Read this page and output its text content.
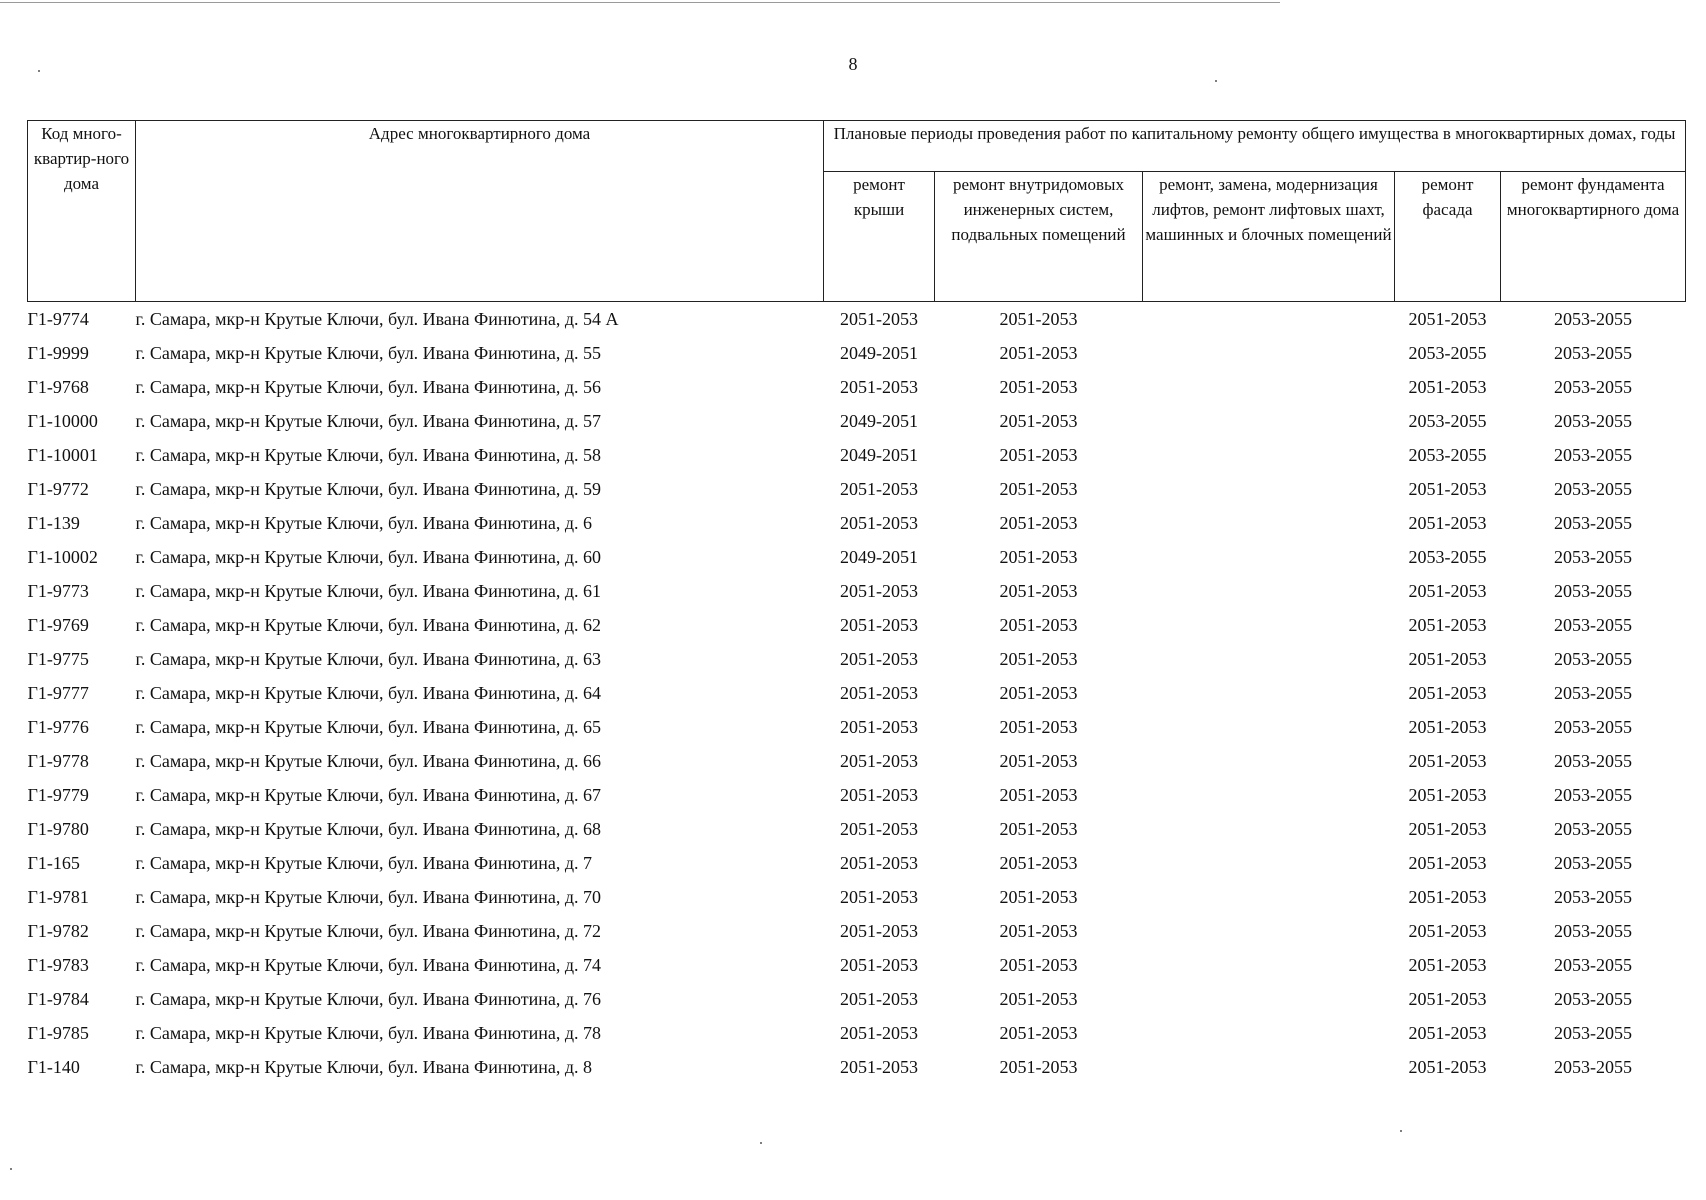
8
Код много-квартир-ного дома	Адрес многоквартирного дома	Плановые периоды проведения работ по капитальному ремонту общего имущества в многоквартирных домах, годы				
		ремонт крыши	ремонт внутридомовых инженерных систем, подвальных помещений	ремонт, замена, модернизация лифтов, ремонт лифтовых шахт, машинных и блочных помещений	ремонт фасада	ремонт фундамента многоквартирного дома
Г1-9774	г. Самара, мкр-н Крутые Ключи, бул. Ивана Финютина, д. 54 А	2051-2053	2051-2053		2051-2053	2053-2055
Г1-9999	г. Самара, мкр-н Крутые Ключи, бул. Ивана Финютина, д. 55	2049-2051	2051-2053		2053-2055	2053-2055
Г1-9768	г. Самара, мкр-н Крутые Ключи, бул. Ивана Финютина, д. 56	2051-2053	2051-2053		2051-2053	2053-2055
Г1-10000	г. Самара, мкр-н Крутые Ключи, бул. Ивана Финютина, д. 57	2049-2051	2051-2053		2053-2055	2053-2055
Г1-10001	г. Самара, мкр-н Крутые Ключи, бул. Ивана Финютина, д. 58	2049-2051	2051-2053		2053-2055	2053-2055
Г1-9772	г. Самара, мкр-н Крутые Ключи, бул. Ивана Финютина, д. 59	2051-2053	2051-2053		2051-2053	2053-2055
Г1-139	г. Самара, мкр-н Крутые Ключи, бул. Ивана Финютина, д. 6	2051-2053	2051-2053		2051-2053	2053-2055
Г1-10002	г. Самара, мкр-н Крутые Ключи, бул. Ивана Финютина, д. 60	2049-2051	2051-2053		2053-2055	2053-2055
Г1-9773	г. Самара, мкр-н Крутые Ключи, бул. Ивана Финютина, д. 61	2051-2053	2051-2053		2051-2053	2053-2055
Г1-9769	г. Самара, мкр-н Крутые Ключи, бул. Ивана Финютина, д. 62	2051-2053	2051-2053		2051-2053	2053-2055
Г1-9775	г. Самара, мкр-н Крутые Ключи, бул. Ивана Финютина, д. 63	2051-2053	2051-2053		2051-2053	2053-2055
Г1-9777	г. Самара, мкр-н Крутые Ключи, бул. Ивана Финютина, д. 64	2051-2053	2051-2053		2051-2053	2053-2055
Г1-9776	г. Самара, мкр-н Крутые Ключи, бул. Ивана Финютина, д. 65	2051-2053	2051-2053		2051-2053	2053-2055
Г1-9778	г. Самара, мкр-н Крутые Ключи, бул. Ивана Финютина, д. 66	2051-2053	2051-2053		2051-2053	2053-2055
Г1-9779	г. Самара, мкр-н Крутые Ключи, бул. Ивана Финютина, д. 67	2051-2053	2051-2053		2051-2053	2053-2055
Г1-9780	г. Самара, мкр-н Крутые Ключи, бул. Ивана Финютина, д. 68	2051-2053	2051-2053		2051-2053	2053-2055
Г1-165	г. Самара, мкр-н Крутые Ключи, бул. Ивана Финютина, д. 7	2051-2053	2051-2053		2051-2053	2053-2055
Г1-9781	г. Самара, мкр-н Крутые Ключи, бул. Ивана Финютина, д. 70	2051-2053	2051-2053		2051-2053	2053-2055
Г1-9782	г. Самара, мкр-н Крутые Ключи, бул. Ивана Финютина, д. 72	2051-2053	2051-2053		2051-2053	2053-2055
Г1-9783	г. Самара, мкр-н Крутые Ключи, бул. Ивана Финютина, д. 74	2051-2053	2051-2053		2051-2053	2053-2055
Г1-9784	г. Самара, мкр-н Крутые Ключи, бул. Ивана Финютина, д. 76	2051-2053	2051-2053		2051-2053	2053-2055
Г1-9785	г. Самара, мкр-н Крутые Ключи, бул. Ивана Финютина, д. 78	2051-2053	2051-2053		2051-2053	2053-2055
Г1-140	г. Самара, мкр-н Крутые Ключи, бул. Ивана Финютина, д. 8	2051-2053	2051-2053		2051-2053	2053-2055
